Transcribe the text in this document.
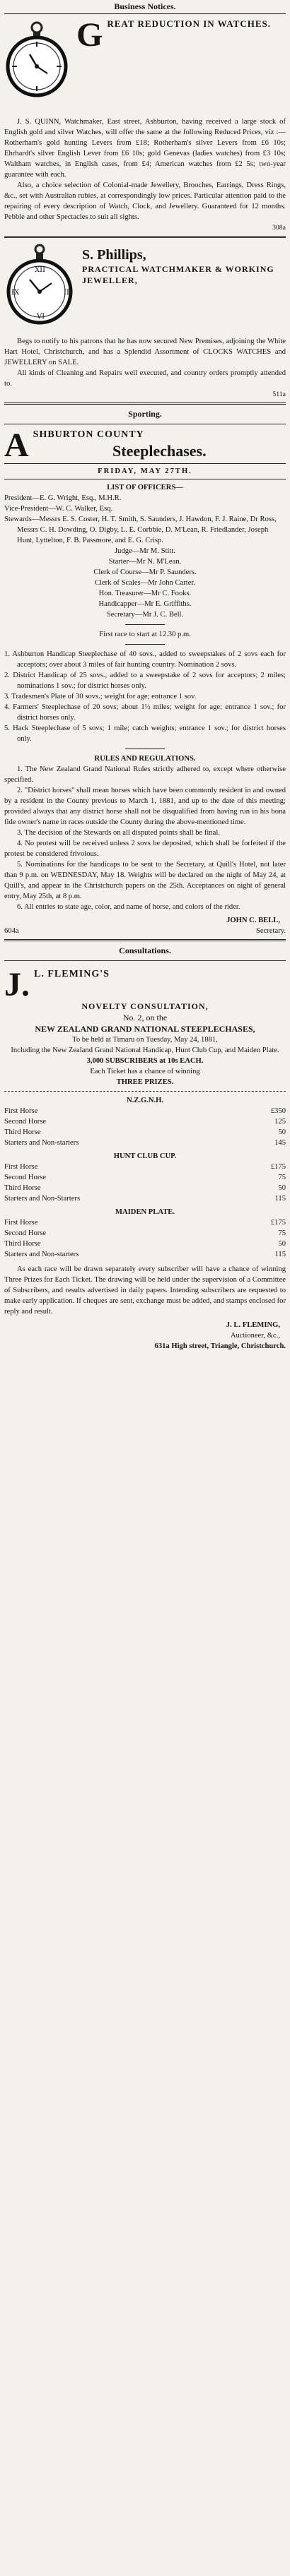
Business Notices.
G REAT REDUCTION IN WATCHES.

J. S. QUINN, Watchmaker, East street, Ashburton, having received a large stock of English gold and silver Watches, will offer the same at the following Reduced Prices, viz :—Rotherham's gold hunting Levers from £18; Rotherham's silver Levers from £6 10s; Ehrhardt's silver English Lever from £6 10s; gold Genevas (ladies watches) from £3 10s; Waltham watches, in English cases, from £4; American watches from £2 5s; two-year guarantee with each.

Also, a choice selection of Colonial-made Jewellery, Brooches, Earrings, Dress Rings, &c., set with Australian rubies, at correspondingly low prices. Particular attention paid to the repairing of every description of Watch, Clock, and Jewellery. Guaranteed for 12 months. Pebble and other Spectacles to suit all sights.

308a
XII
III
VI
IX
S. Phillips,
PRACTICAL WATCHMAKER & WORKING JEWELLER,

Begs to notify to his patrons that he has now secured New Premises, adjoining the White Hart Hotel, Christchurch, and has a Splendid Assortment of CLOCKS WATCHES and JEWELLERY on SALE.

All kinds of Cleaning and Repairs well executed, and country orders promptly attended to.

511a
Sporting.
A SHBURTON COUNTY
Steeplechases.
FRIDAY, MAY 27TH.
LIST OF OFFICERS—
President—E. G. Wright, Esq., M.H.R.
Vice-President—W. C. Walker, Esq.
Stewards—Messrs E. S. Coster, H. T. Smith, S. Saunders, J. Hawdon, F. J. Raine, Dr Ross, Messrs C. H. Dowding, O. Digby, L. E. Corbbie, D. M'Lean, R. Friedlander, Joseph Hunt, Lyttelton, F. B. Passmore, and E. G. Crisp.
Judge—Mr M. Stitt.
Starter—Mr N. M'Lean.
Clerk of Course—Mr P. Saunders.
Clerk of Scales—Mr John Carter.
Hon. Treasurer—Mr C. Fooks.
Handicapper—Mr E. Griffiths.
Secretary—Mr J. C. Bell.
First race to start at 12.30 p.m.

1. Ashburton Handicap Steeplechase of 40 sovs., added to sweepstakes of 2 sovs each for acceptors; over about 3 miles of fair hunting country. Nomination 2 sovs.

2. District Handicap of 25 sovs., added to a sweepstake of 2 sovs for acceptors; 2 miles; nominations 1 sov.; for district horses only.

3. Tradesmen's Plate of 30 sovs.; weight for age; entrance 1 sov.

4. Farmers' Steeplechase of 20 sovs; about 1½ miles; weight for age; entrance 1 sov.; for district horses only.

5. Hack Steeplechase of 5 sovs; 1 mile; catch weights; entrance 1 sov.; for district horses only.

RULES AND REGULATIONS.

1. The New Zealand Grand National Rules strictly adhered to, except where otherwise specified.

2. "District horses" shall mean horses which have been commonly resident in and owned by a resident in the County previous to March 1, 1881, and up to the date of this meeting; provided always that any district horse shall not be disqualified from having run in his bona fide owner's name in races outside the County during the above-mentioned time.

3. The decision of the Stewards on all disputed points shall be final.

4. No protest will be received unless 2 sovs be deposited, which shall be forfeited if the protest be considered frivolous.

5. Nominations for the handicaps to be sent to the Secretary, at Quill's Hotel, not later than 9 p.m. on WEDNESDAY, May 18. Weights will be declared on the night of May 24, at Quill's, and appear in the Christchurch papers on the 25th. Acceptances on night of general entry, May 25th, at 8 p.m.

6. All entries to state age, color, and name of horse, and colors of the rider.

JOHN C. BELL,
604a	Secretary.
Consultations.
J. L. FLEMING'S
NOVELTY CONSULTATION,
No. 2, on the
NEW ZEALAND GRAND NATIONAL STEEPLECHASES,
To be held at Timaru on Tuesday, May 24, 1881,
Including the New Zealand Grand National Handicap, Hunt Club Cup, and Maiden Plate.
3,000 SUBSCRIBERS at 10s EACH.
Each Ticket has a chance of winning
THREE PRIZES.
N.Z.G.N.H.
First Horse	£350
Second Horse	125
Third Horse	50
Starters and Non-starters	145
HUNT CLUB CUP.
First Horse	£175
Second Horse	75
Third Horse	50
Starters and Non-Starters	115
MAIDEN PLATE.
First Horse	£175
Second Horse	75
Third Horse	50
Starters and Non-starters	115

As each race will be drawn separately every subscriber will have a chance of winning Three Prizes for Each Ticket. The drawing will be held under the supervision of a Committee of Subscribers, and results advertised in daily papers. Intending subscribers are requested to make early application. If cheques are sent, exchange must be added, and stamps enclosed for reply and result.

J. L. FLEMING,
Auctioneer, &c.,
631a High street, Triangle, Christchurch.
